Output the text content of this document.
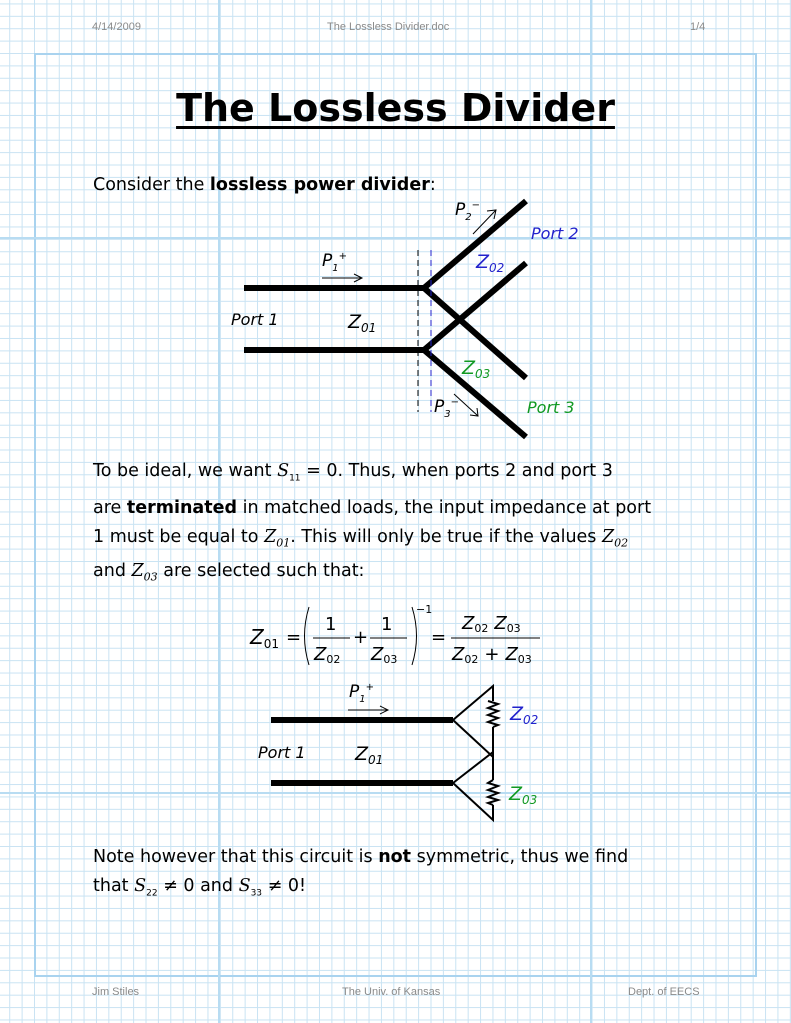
4/14/2009	The Lossless Divider.doc	1/4
The Lossless Divider
Consider the lossless power divider:
$P_2^-$
Port 2
$P_1^+$	$Z_{02}$
Port 1	$Z_{01}$
$Z_{03}$
$P_3^-$	Port 3
$Z_{01}$ =
1
Z02
+
1
Z03
−1
=
Z02 Z03
Z02 + Z03
$P_1^+$
$Z_{02}$
Port 1	$Z_{01}$
$Z_{03}$
To be ideal, we want $S_{11} = 0$. Thus, when ports 2 and port 3
are terminated in matched loads, the input impedance at port
1 must be equal to $Z_{01}$. This will only be true if the values $Z_{02}$
and $Z_{03}$ are selected such that:
Note however that this circuit is not symmetric, thus we find
that $S_{22} \ne 0$ and $S_{33} \ne 0$!
Jim Stiles	The Univ. of Kansas	Dept. of EECS
